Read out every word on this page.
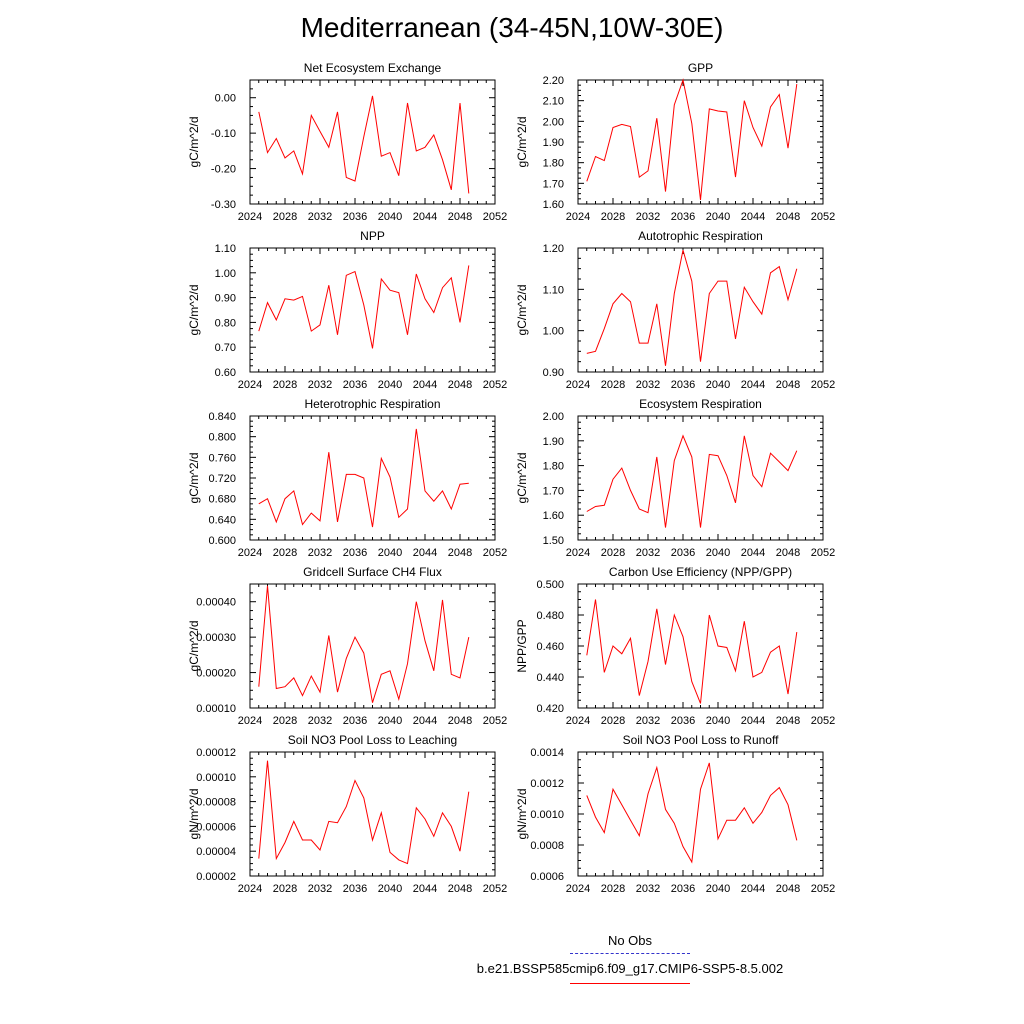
Mediterranean (34-45N,10W-30E)
Net Ecosystem Exchange
gC/m^2/d
-0.30
-0.20
-0.10
0.00
2024 2028 2032 2036 2040 2044 2048 2052
GPP
gC/m^2/d
1.60
1.70
1.80
1.90
2.00
2.10
2.20
2024 2028 2032 2036 2040 2044 2048 2052
NPP
gC/m^2/d
0.60
0.70
0.80
0.90
1.00
1.10
2024 2028 2032 2036 2040 2044 2048 2052
Autotrophic Respiration
gC/m^2/d
0.90
1.00
1.10
1.20
2024 2028 2032 2036 2040 2044 2048 2052
Heterotrophic Respiration
gC/m^2/d
0.600
0.640
0.680
0.720
0.760
0.800
0.840
2024 2028 2032 2036 2040 2044 2048 2052
Ecosystem Respiration
gC/m^2/d
1.50
1.60
1.70
1.80
1.90
2.00
2024 2028 2032 2036 2040 2044 2048 2052
Gridcell Surface CH4 Flux
gC/m^2/d
0.00010
0.00020
0.00030
0.00040
2024 2028 2032 2036 2040 2044 2048 2052
Carbon Use Efficiency (NPP/GPP)
NPP/GPP
0.420
0.440
0.460
0.480
0.500
2024 2028 2032 2036 2040 2044 2048 2052
Soil NO3 Pool Loss to Leaching
gN/m^2/d
0.00002
0.00004
0.00006
0.00008
0.00010
0.00012
2024 2028 2032 2036 2040 2044 2048 2052
Soil NO3 Pool Loss to Runoff
gN/m^2/d
0.0006
0.0008
0.0010
0.0012
0.0014
2024 2028 2032 2036 2040 2044 2048 2052
No Obs
b.e21.BSSP585cmip6.f09_g17.CMIP6-SSP5-8.5.002
